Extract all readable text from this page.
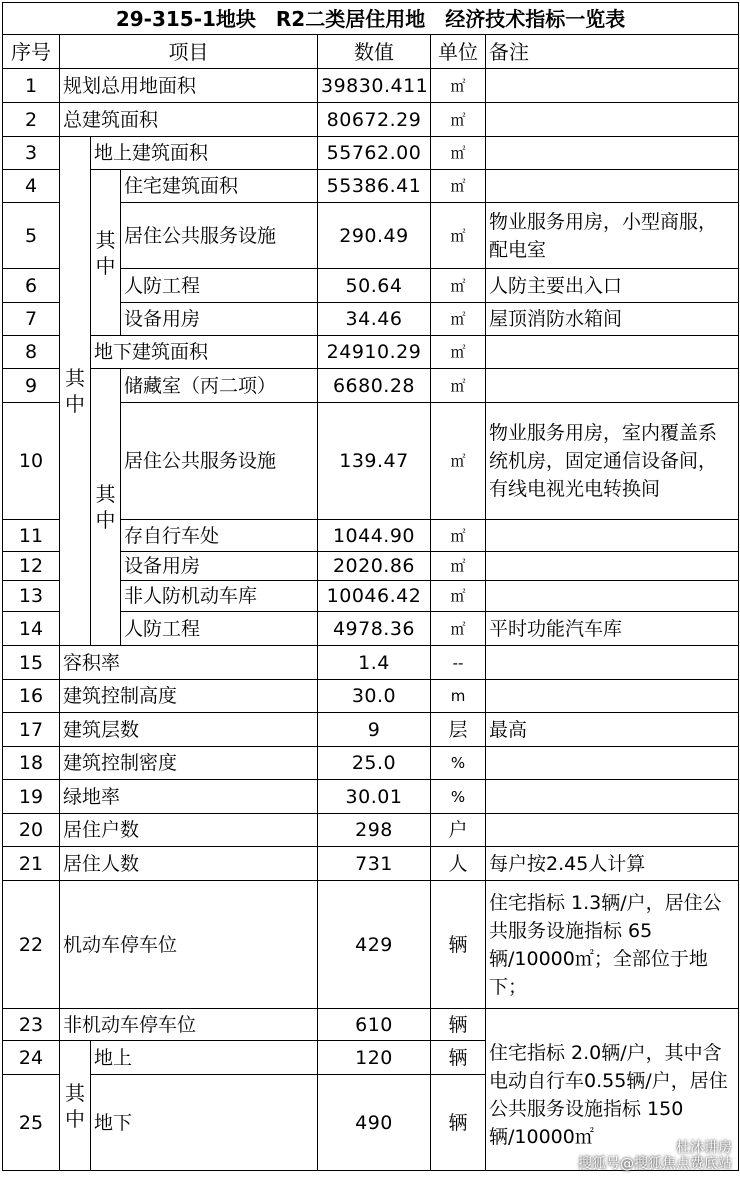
29-315-1地块　R2二类居住用地　经济技术指标一览表						
序号	项目			数值	单位	备注
1	规划总用地面积			39830.411	㎡	
2	总建筑面积			80672.29	㎡	
3	其中	地上建筑面积		55762.00	㎡	
4		其中	住宅建筑面积	55386.41	㎡	
5			居住公共服务设施	290.49	㎡	物业服务用房，小型商服，配电室
6			人防工程	50.64	㎡	人防主要出入口
7			设备用房	34.46	㎡	屋顶消防水箱间
8		地下建筑面积		24910.29	㎡	
9		其中	储藏室（丙二项）	6680.28	㎡	
10			居住公共服务设施	139.47	㎡	物业服务用房，室内覆盖系统机房，固定通信设备间，有线电视光电转换间
11			存自行车处	1044.90	㎡	
12			设备用房	2020.86	㎡	
13			非人防机动车库	10046.42	㎡	
14			人防工程	4978.36	㎡	平时功能汽车库
15	容积率			1.4	--	
16	建筑控制高度			30.0	m	
17	建筑层数			9	层	最高
18	建筑控制密度			25.0	%	
19	绿地率			30.01	%	
20	居住户数			298	户	
21	居住人数			731	人	每户按2.45人计算
22	机动车停车位			429	辆	住宅指标 1.3辆/户，居住公共服务设施指标 65辆/10000㎡；全部位于地下；
23	非机动车停车位			610	辆	住宅指标 2.0辆/户，其中含电动自行车0.55辆/户，居住公共服务设施指标 150辆/10000㎡
24	其中	地上		120	辆	
25		地下		490	辆	
杜沐讲房
搜狐号@搜狐焦点费底站
